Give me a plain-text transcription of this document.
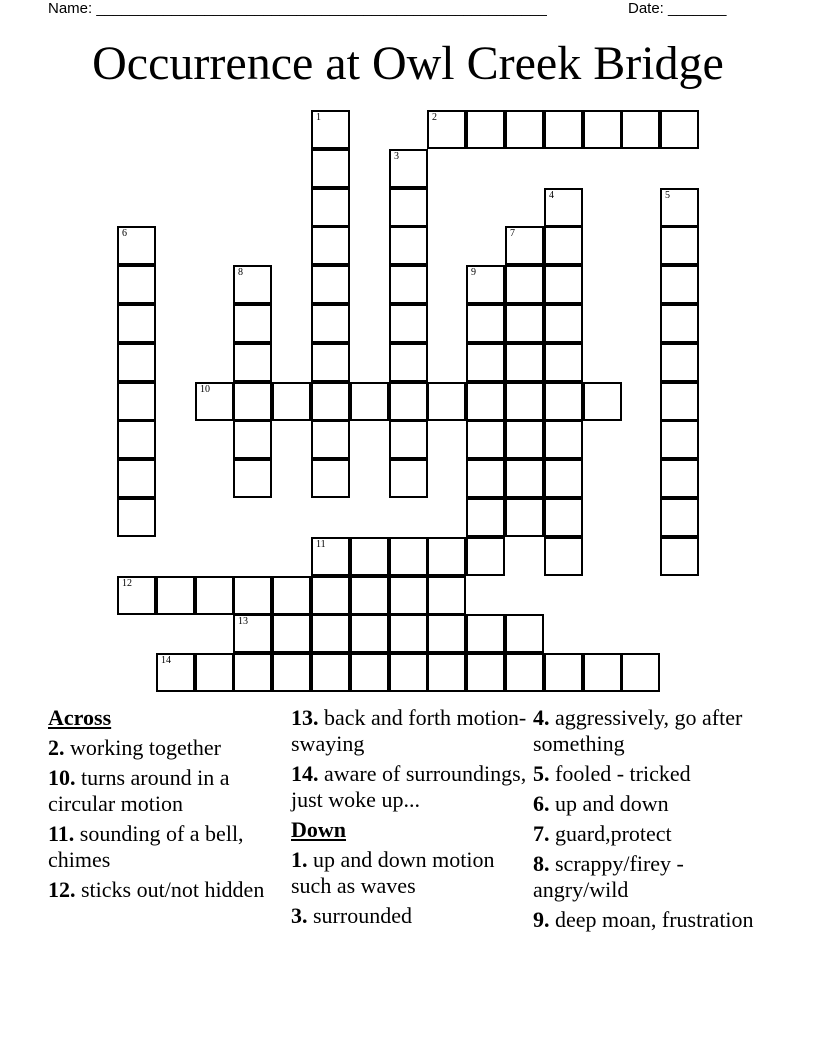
Name: ______________________________________________________	Date: _______
Occurrence at Owl Creek Bridge
1	2
3
4	5
6	7
8	9
10
11
12
13
14
Across
2. working together
10. turns around in a circular motion
11. sounding of a bell, chimes
12. sticks out/not hidden
13. back and forth motion- swaying
14. aware of surroundings, just woke up...
Down
1. up and down motion such as waves
3. surrounded
4. aggressively, go after something
5. fooled - tricked
6. up and down
7. guard,protect
8. scrappy/firey - angry/wild
9. deep moan, frustration
